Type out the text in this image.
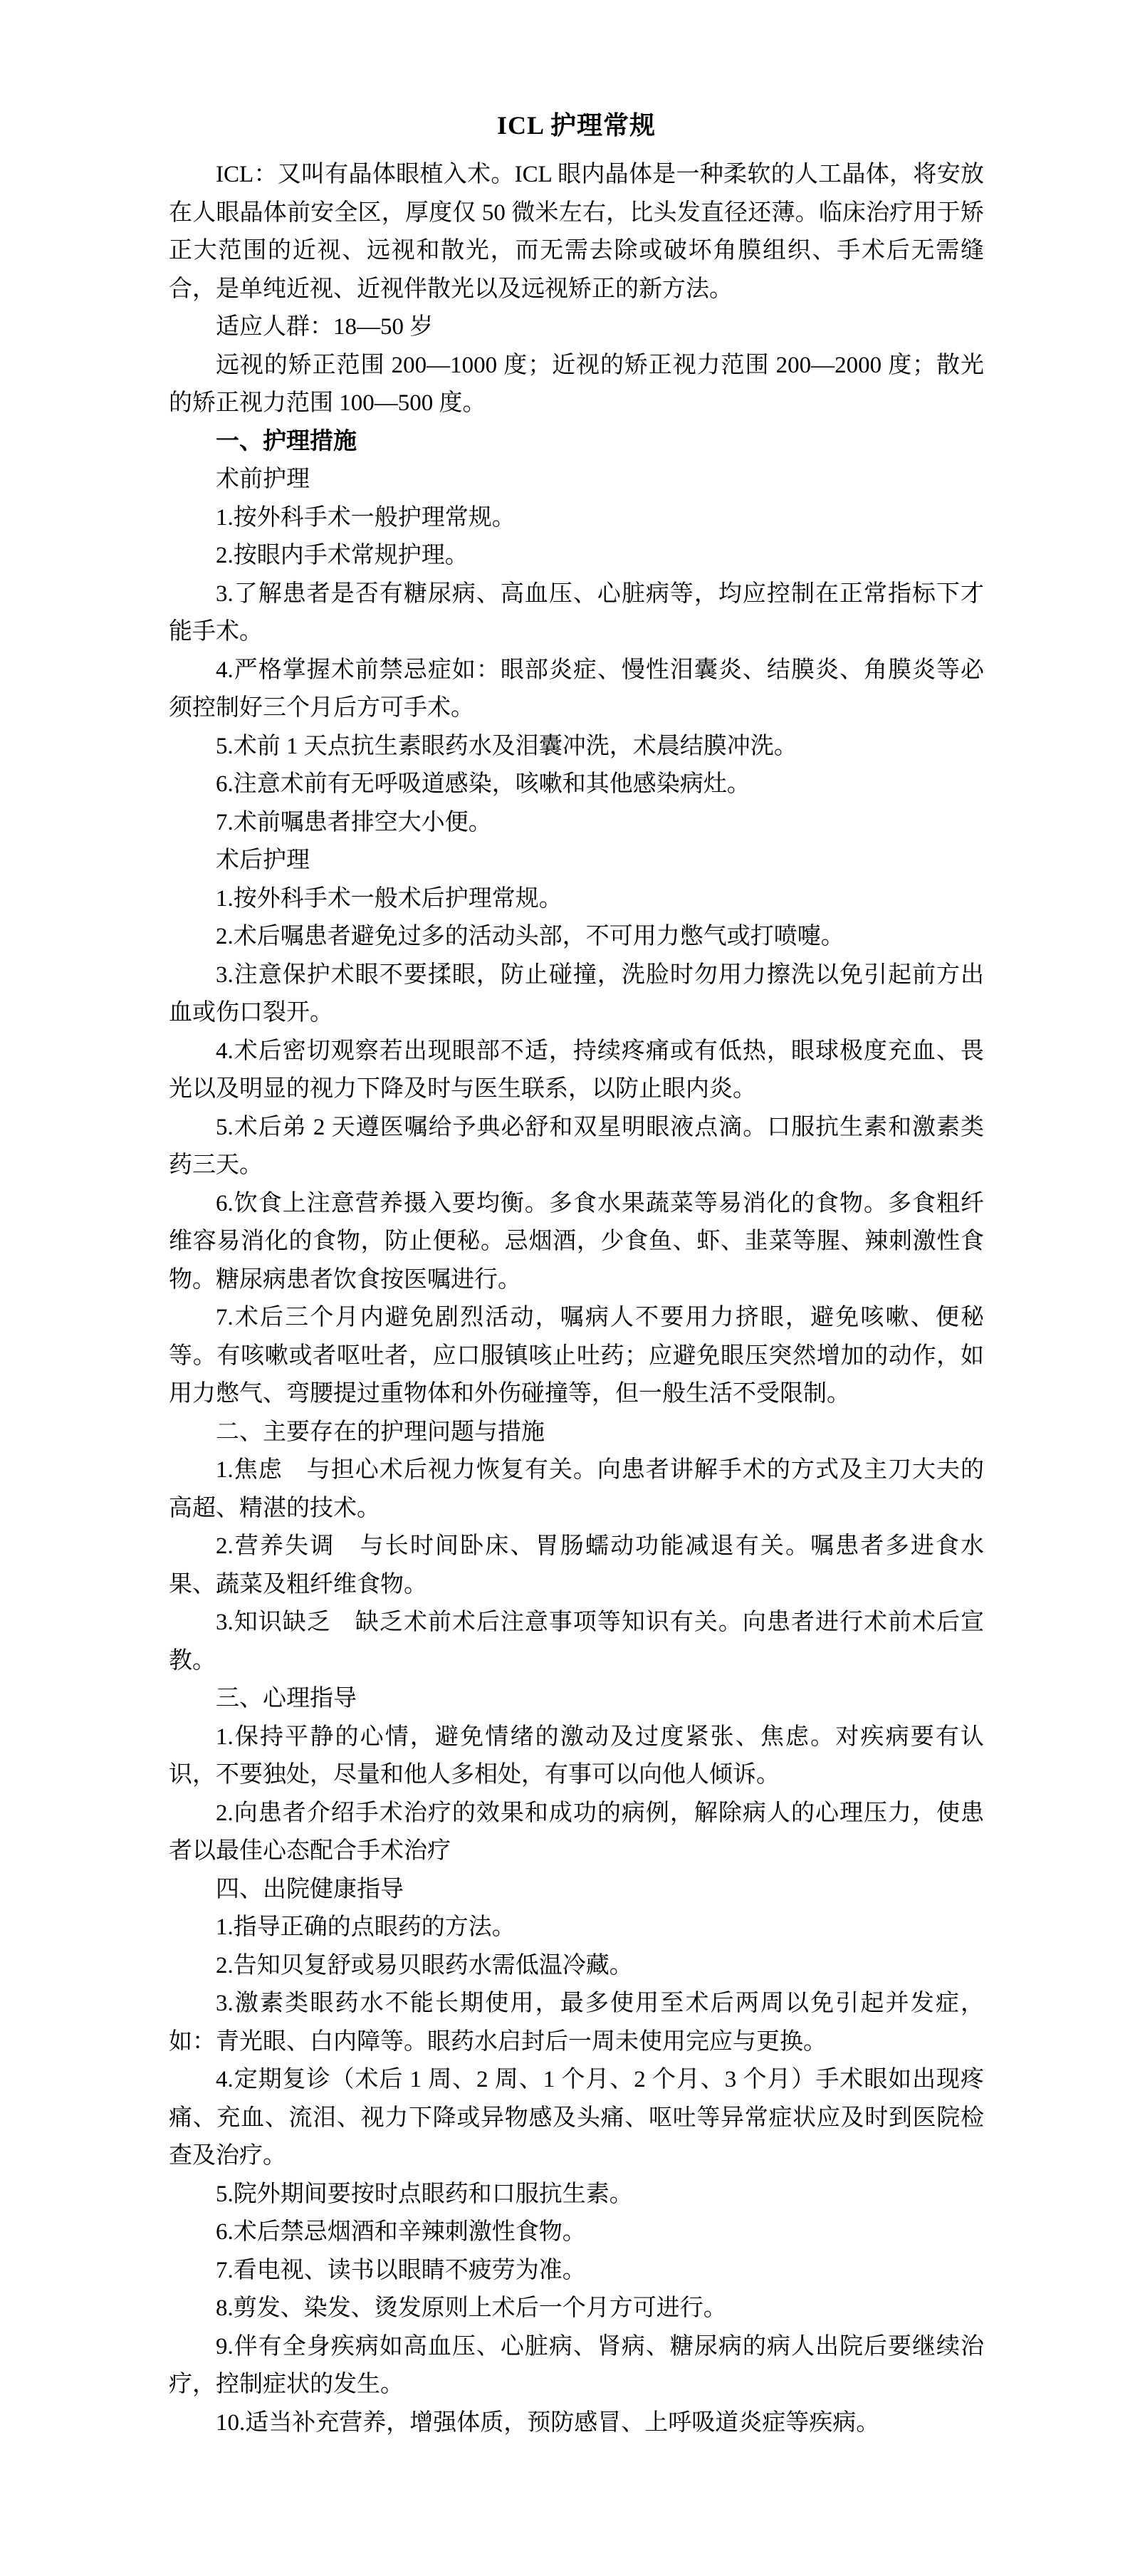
ICL 护理常规

ICL：又叫有晶体眼植入术。ICL 眼内晶体是一种柔软的人工晶体，将安放在人眼晶体前安全区，厚度仅 50 微米左右，比头发直径还薄。临床治疗用于矫正大范围的近视、远视和散光，而无需去除或破坏角膜组织、手术后无需缝合，是单纯近视、近视伴散光以及远视矫正的新方法。

适应人群：18—50 岁

远视的矫正范围 200—1000 度；近视的矫正视力范围 200—2000 度；散光的矫正视力范围 100—500 度。

一、护理措施

术前护理

1.按外科手术一般护理常规。

2.按眼内手术常规护理。

3.了解患者是否有糖尿病、高血压、心脏病等，均应控制在正常指标下才能手术。

4.严格掌握术前禁忌症如：眼部炎症、慢性泪囊炎、结膜炎、角膜炎等必须控制好三个月后方可手术。

5.术前 1 天点抗生素眼药水及泪囊冲洗，术晨结膜冲洗。

6.注意术前有无呼吸道感染，咳嗽和其他感染病灶。

7.术前嘱患者排空大小便。

术后护理

1.按外科手术一般术后护理常规。

2.术后嘱患者避免过多的活动头部，不可用力憋气或打喷嚏。

3.注意保护术眼不要揉眼，防止碰撞，洗脸时勿用力擦洗以免引起前方出血或伤口裂开。

4.术后密切观察若出现眼部不适，持续疼痛或有低热，眼球极度充血、畏光以及明显的视力下降及时与医生联系，以防止眼内炎。

5.术后弟 2 天遵医嘱给予典必舒和双星明眼液点滴。口服抗生素和激素类药三天。

6.饮食上注意营养摄入要均衡。多食水果蔬菜等易消化的食物。多食粗纤维容易消化的食物，防止便秘。忌烟酒，少食鱼、虾、韭菜等腥、辣刺激性食物。糖尿病患者饮食按医嘱进行。

7.术后三个月内避免剧烈活动，嘱病人不要用力挤眼，避免咳嗽、便秘等。有咳嗽或者呕吐者，应口服镇咳止吐药；应避免眼压突然增加的动作，如用力憋气、弯腰提过重物体和外伤碰撞等，但一般生活不受限制。

二、主要存在的护理问题与措施

1.焦虑　与担心术后视力恢复有关。向患者讲解手术的方式及主刀大夫的高超、精湛的技术。

2.营养失调　与长时间卧床、胃肠蠕动功能减退有关。嘱患者多进食水果、蔬菜及粗纤维食物。

3.知识缺乏　缺乏术前术后注意事项等知识有关。向患者进行术前术后宣教。

三、心理指导

1.保持平静的心情，避免情绪的激动及过度紧张、焦虑。对疾病要有认识，不要独处，尽量和他人多相处，有事可以向他人倾诉。

2.向患者介绍手术治疗的效果和成功的病例，解除病人的心理压力，使患者以最佳心态配合手术治疗

四、出院健康指导

1.指导正确的点眼药的方法。

2.告知贝复舒或易贝眼药水需低温冷藏。

3.激素类眼药水不能长期使用，最多使用至术后两周以免引起并发症，如：青光眼、白内障等。眼药水启封后一周未使用完应与更换。

4.定期复诊（术后 1 周、2 周、1 个月、2 个月、3 个月）手术眼如出现疼痛、充血、流泪、视力下降或异物感及头痛、呕吐等异常症状应及时到医院检查及治疗。

5.院外期间要按时点眼药和口服抗生素。

6.术后禁忌烟酒和辛辣刺激性食物。

7.看电视、读书以眼睛不疲劳为准。

8.剪发、染发、烫发原则上术后一个月方可进行。

9.伴有全身疾病如高血压、心脏病、肾病、糖尿病的病人出院后要继续治疗，控制症状的发生。

10.适当补充营养，增强体质，预防感冒、上呼吸道炎症等疾病。
